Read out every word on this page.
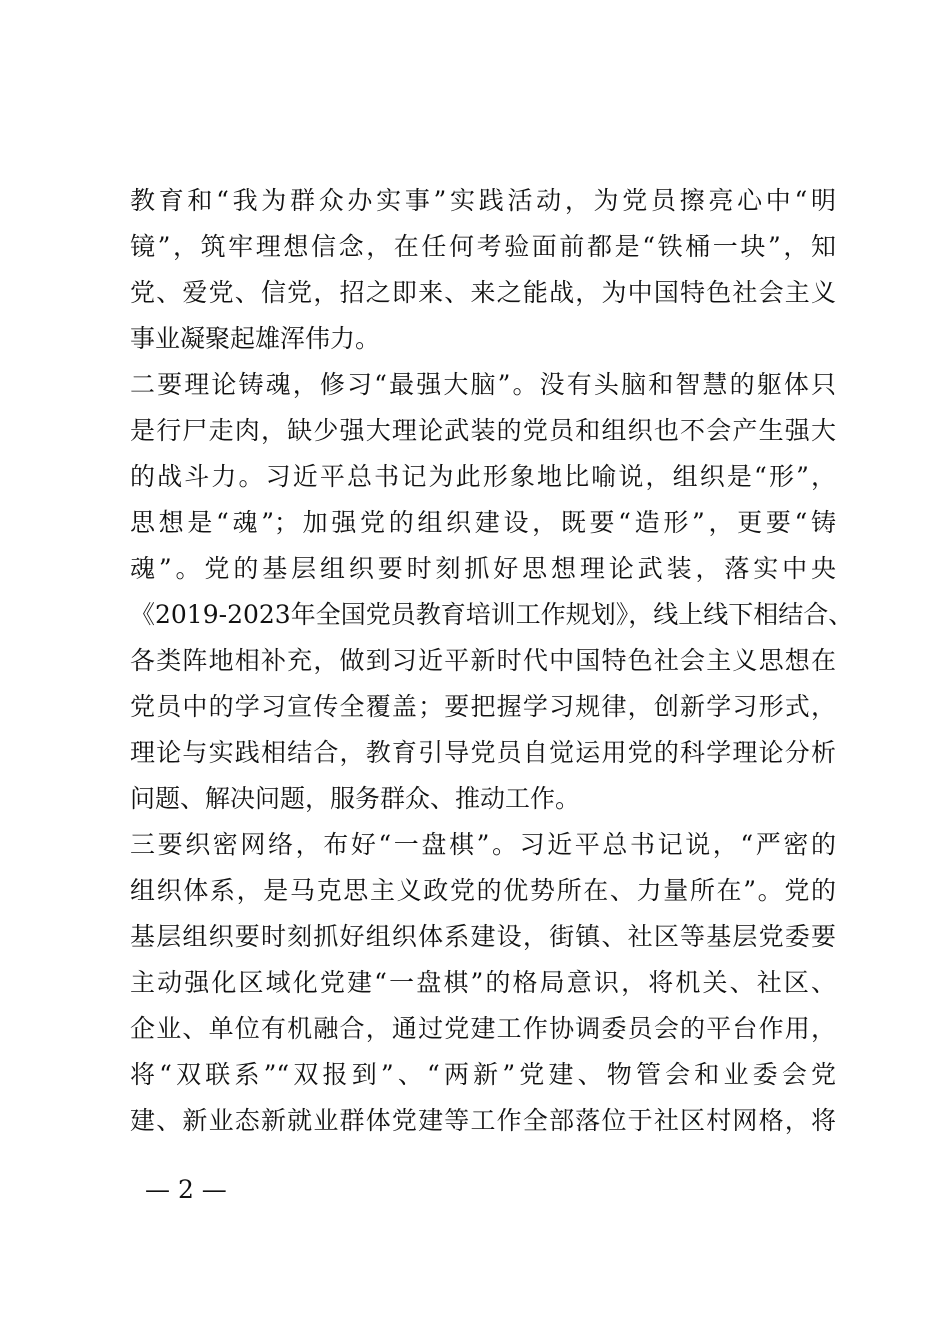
教育和“我为群众办实事”实践活动，为党员擦亮心中“明
镜”，筑牢理想信念，在任何考验面前都是“铁桶一块”，知
党、爱党、信党，招之即来、来之能战，为中国特色社会主义
事业凝聚起雄浑伟力。
二要理论铸魂，修习“最强大脑”。没有头脑和智慧的躯体只
是行尸走肉，缺少强大理论武装的党员和组织也不会产生强大
的战斗力。习近平总书记为此形象地比喻说，组织是“形”，
思想是“魂”；加强党的组织建设，既要“造形”，更要“铸
魂”。党的基层组织要时刻抓好思想理论武装，落实中央
《2019-2023年全国党员教育培训工作规划》，线上线下相结合、
各类阵地相补充，做到习近平新时代中国特色社会主义思想在
党员中的学习宣传全覆盖；要把握学习规律，创新学习形式，
理论与实践相结合，教育引导党员自觉运用党的科学理论分析
问题、解决问题，服务群众、推动工作。
三要织密网络，布好“一盘棋”。习近平总书记说，“严密的
组织体系，是马克思主义政党的优势所在、力量所在”。党的
基层组织要时刻抓好组织体系建设，街镇、社区等基层党委要
主动强化区域化党建“一盘棋”的格局意识，将机关、社区、
企业、单位有机融合，通过党建工作协调委员会的平台作用，
将“双联系”“双报到”、“两新”党建、物管会和业委会党
建、新业态新就业群体党建等工作全部落位于社区村网格，将
— 2 —
